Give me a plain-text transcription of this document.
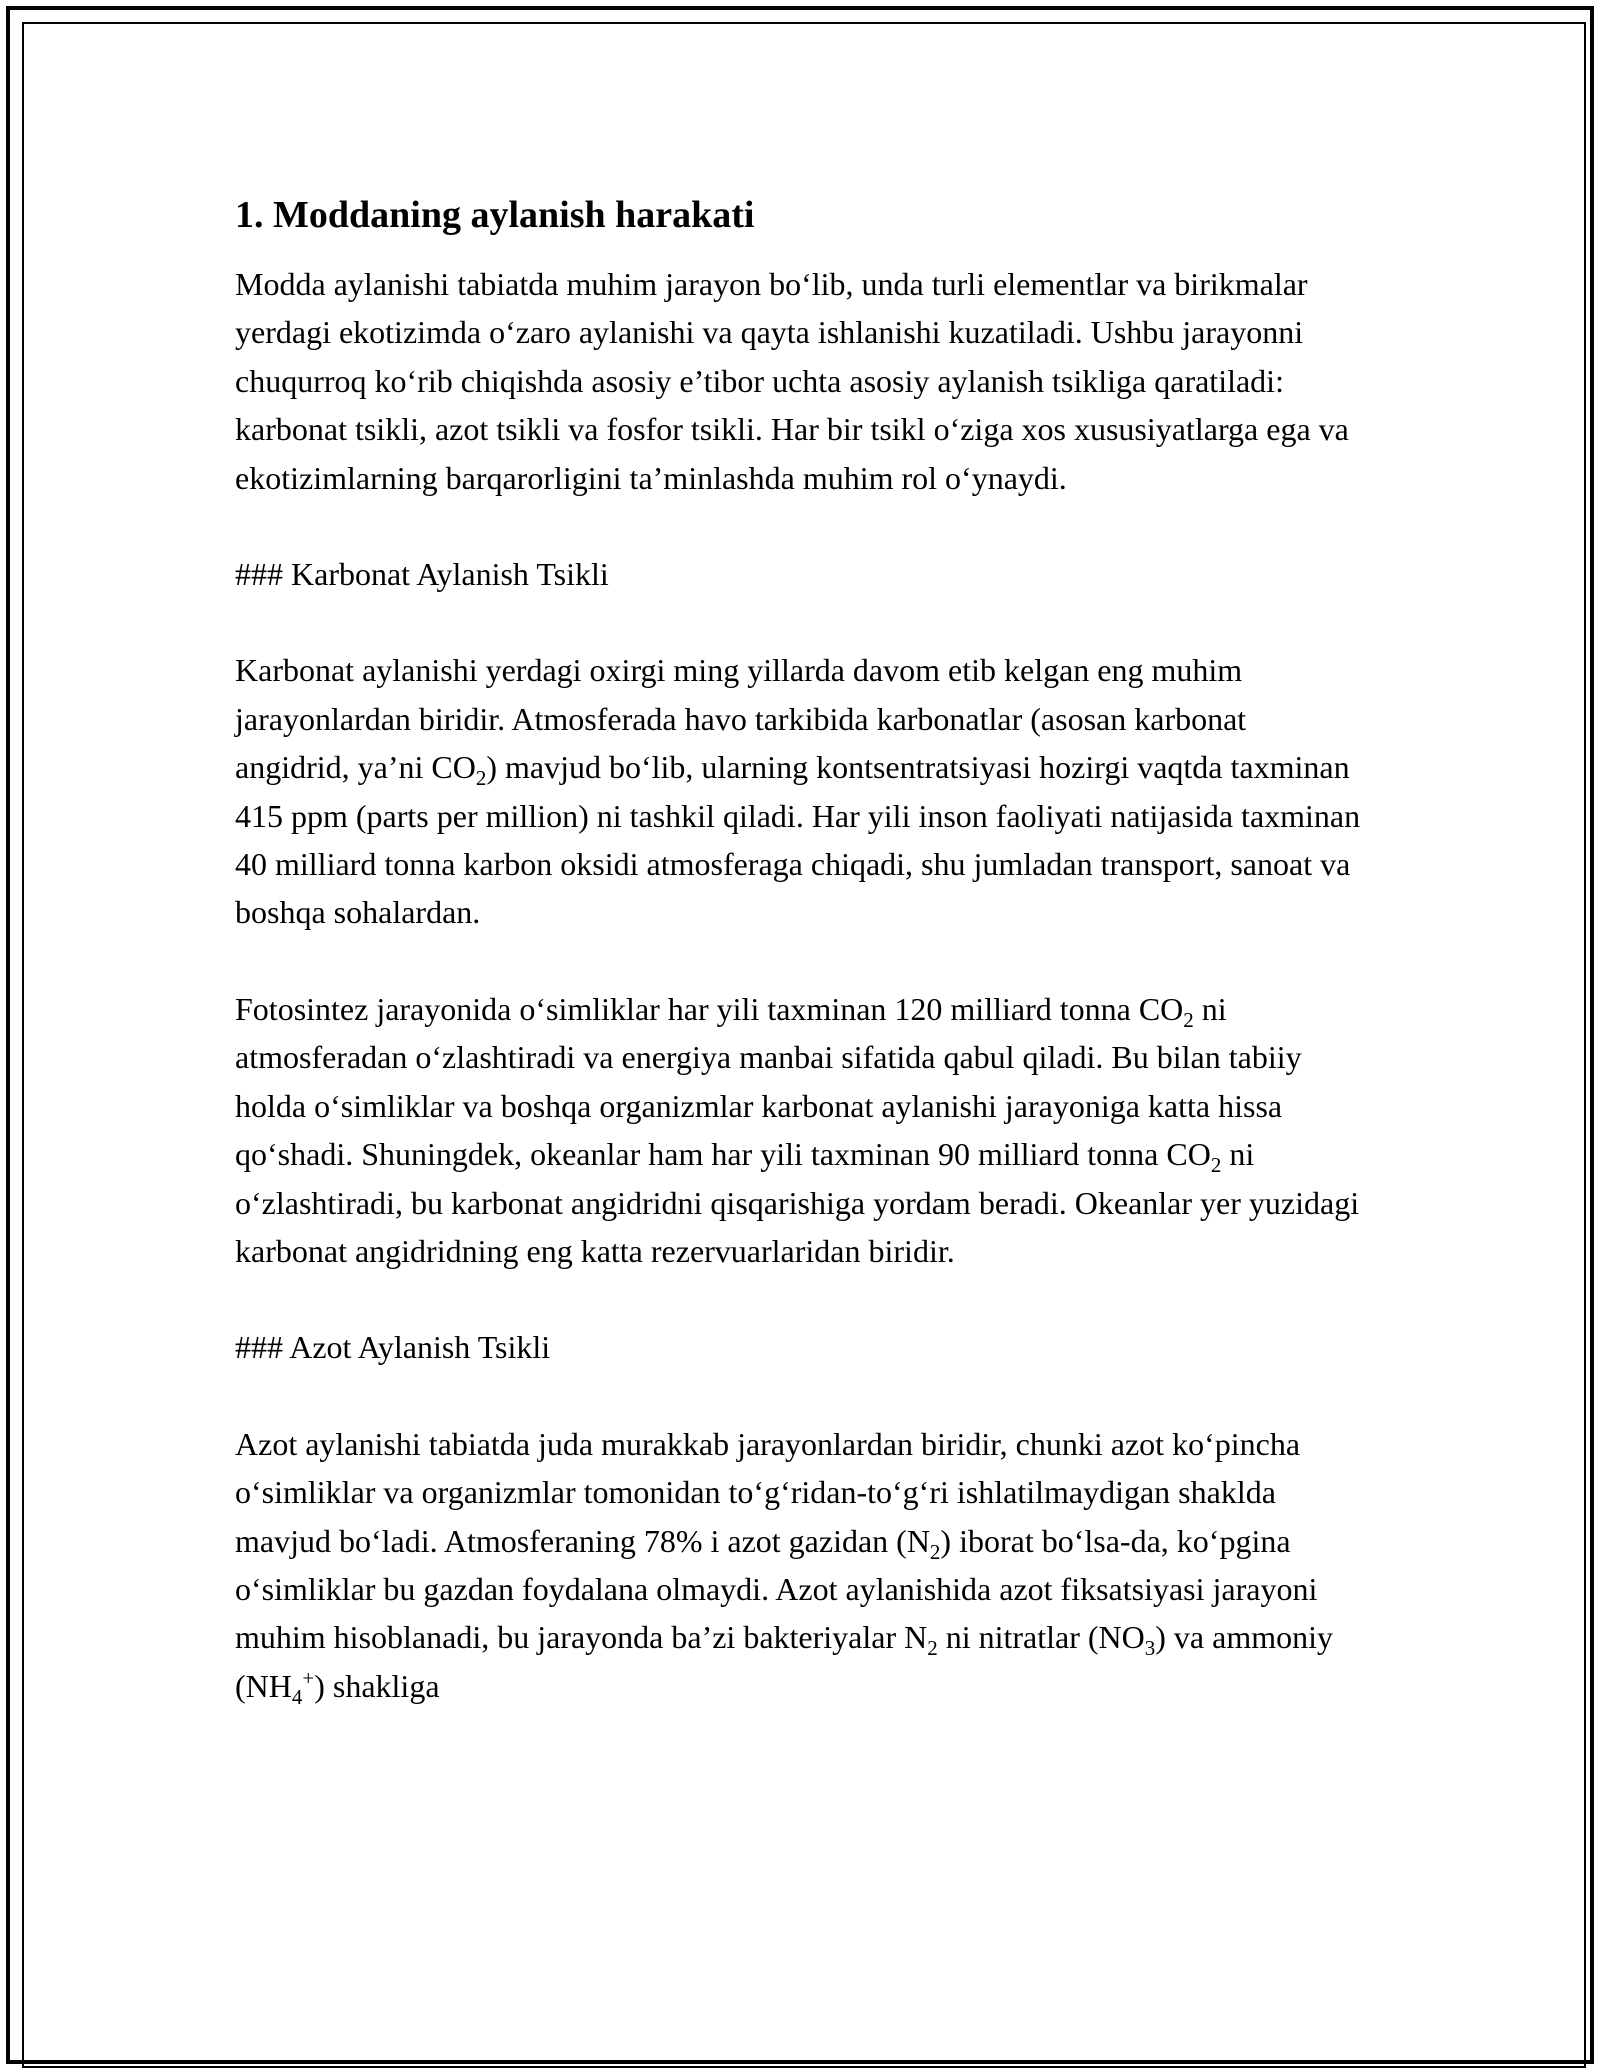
1. Moddaning aylanish harakati

Modda aylanishi tabiatda muhim jarayon bo‘lib, unda turli elementlar va birikmalar yerdagi ekotizimda o‘zaro aylanishi va qayta ishlanishi kuzatiladi. Ushbu jarayonni chuqurroq ko‘rib chiqishda asosiy e’tibor uchta asosiy aylanish tsikliga qaratiladi: karbonat tsikli, azot tsikli va fosfor tsikli. Har bir tsikl o‘ziga xos xususiyatlarga ega va ekotizimlarning barqarorligini ta’minlashda muhim rol o‘ynaydi.

### Karbonat Aylanish Tsikli

Karbonat aylanishi yerdagi oxirgi ming yillarda davom etib kelgan eng muhim jarayonlardan biridir. Atmosferada havo tarkibida karbonatlar (asosan karbonat angidrid, ya’ni $CO_2$) mavjud bo‘lib, ularning kontsentratsiyasi hozirgi vaqtda taxminan 415 ppm (parts per million) ni tashkil qiladi. Har yili inson faoliyati natijasida taxminan 40 milliard tonna karbon oksidi atmosferaga chiqadi, shu jumladan transport, sanoat va boshqa sohalardan.

Fotosintez jarayonida o‘simliklar har yili taxminan 120 milliard tonna $CO_2$ ni atmosferadan o‘zlashtiradi va energiya manbai sifatida qabul qiladi. Bu bilan tabiiy holda o‘simliklar va boshqa organizmlar karbonat aylanishi jarayoniga katta hissa qo‘shadi. Shuningdek, okeanlar ham har yili taxminan 90 milliard tonna $CO_2$ ni o‘zlashtiradi, bu karbonat angidridni qisqarishiga yordam beradi. Okeanlar yer yuzidagi karbonat angidridning eng katta rezervuarlaridan biridir.

### Azot Aylanish Tsikli

Azot aylanishi tabiatda juda murakkab jarayonlardan biridir, chunki azot ko‘pincha o‘simliklar va organizmlar tomonidan to‘g‘ridan-to‘g‘ri ishlatilmaydigan shaklda mavjud bo‘ladi. Atmosferaning 78% i azot gazidan $(N_2)$ iborat bo‘lsa-da, ko‘pgina o‘simliklar bu gazdan foydalana olmaydi. Azot aylanishida azot fiksatsiyasi jarayoni muhim hisoblanadi, bu jarayonda ba’zi bakteriyalar $N_2$ ni nitratlar $(NO_3)$ va ammoniy $(NH_4^+)$ shakliga
